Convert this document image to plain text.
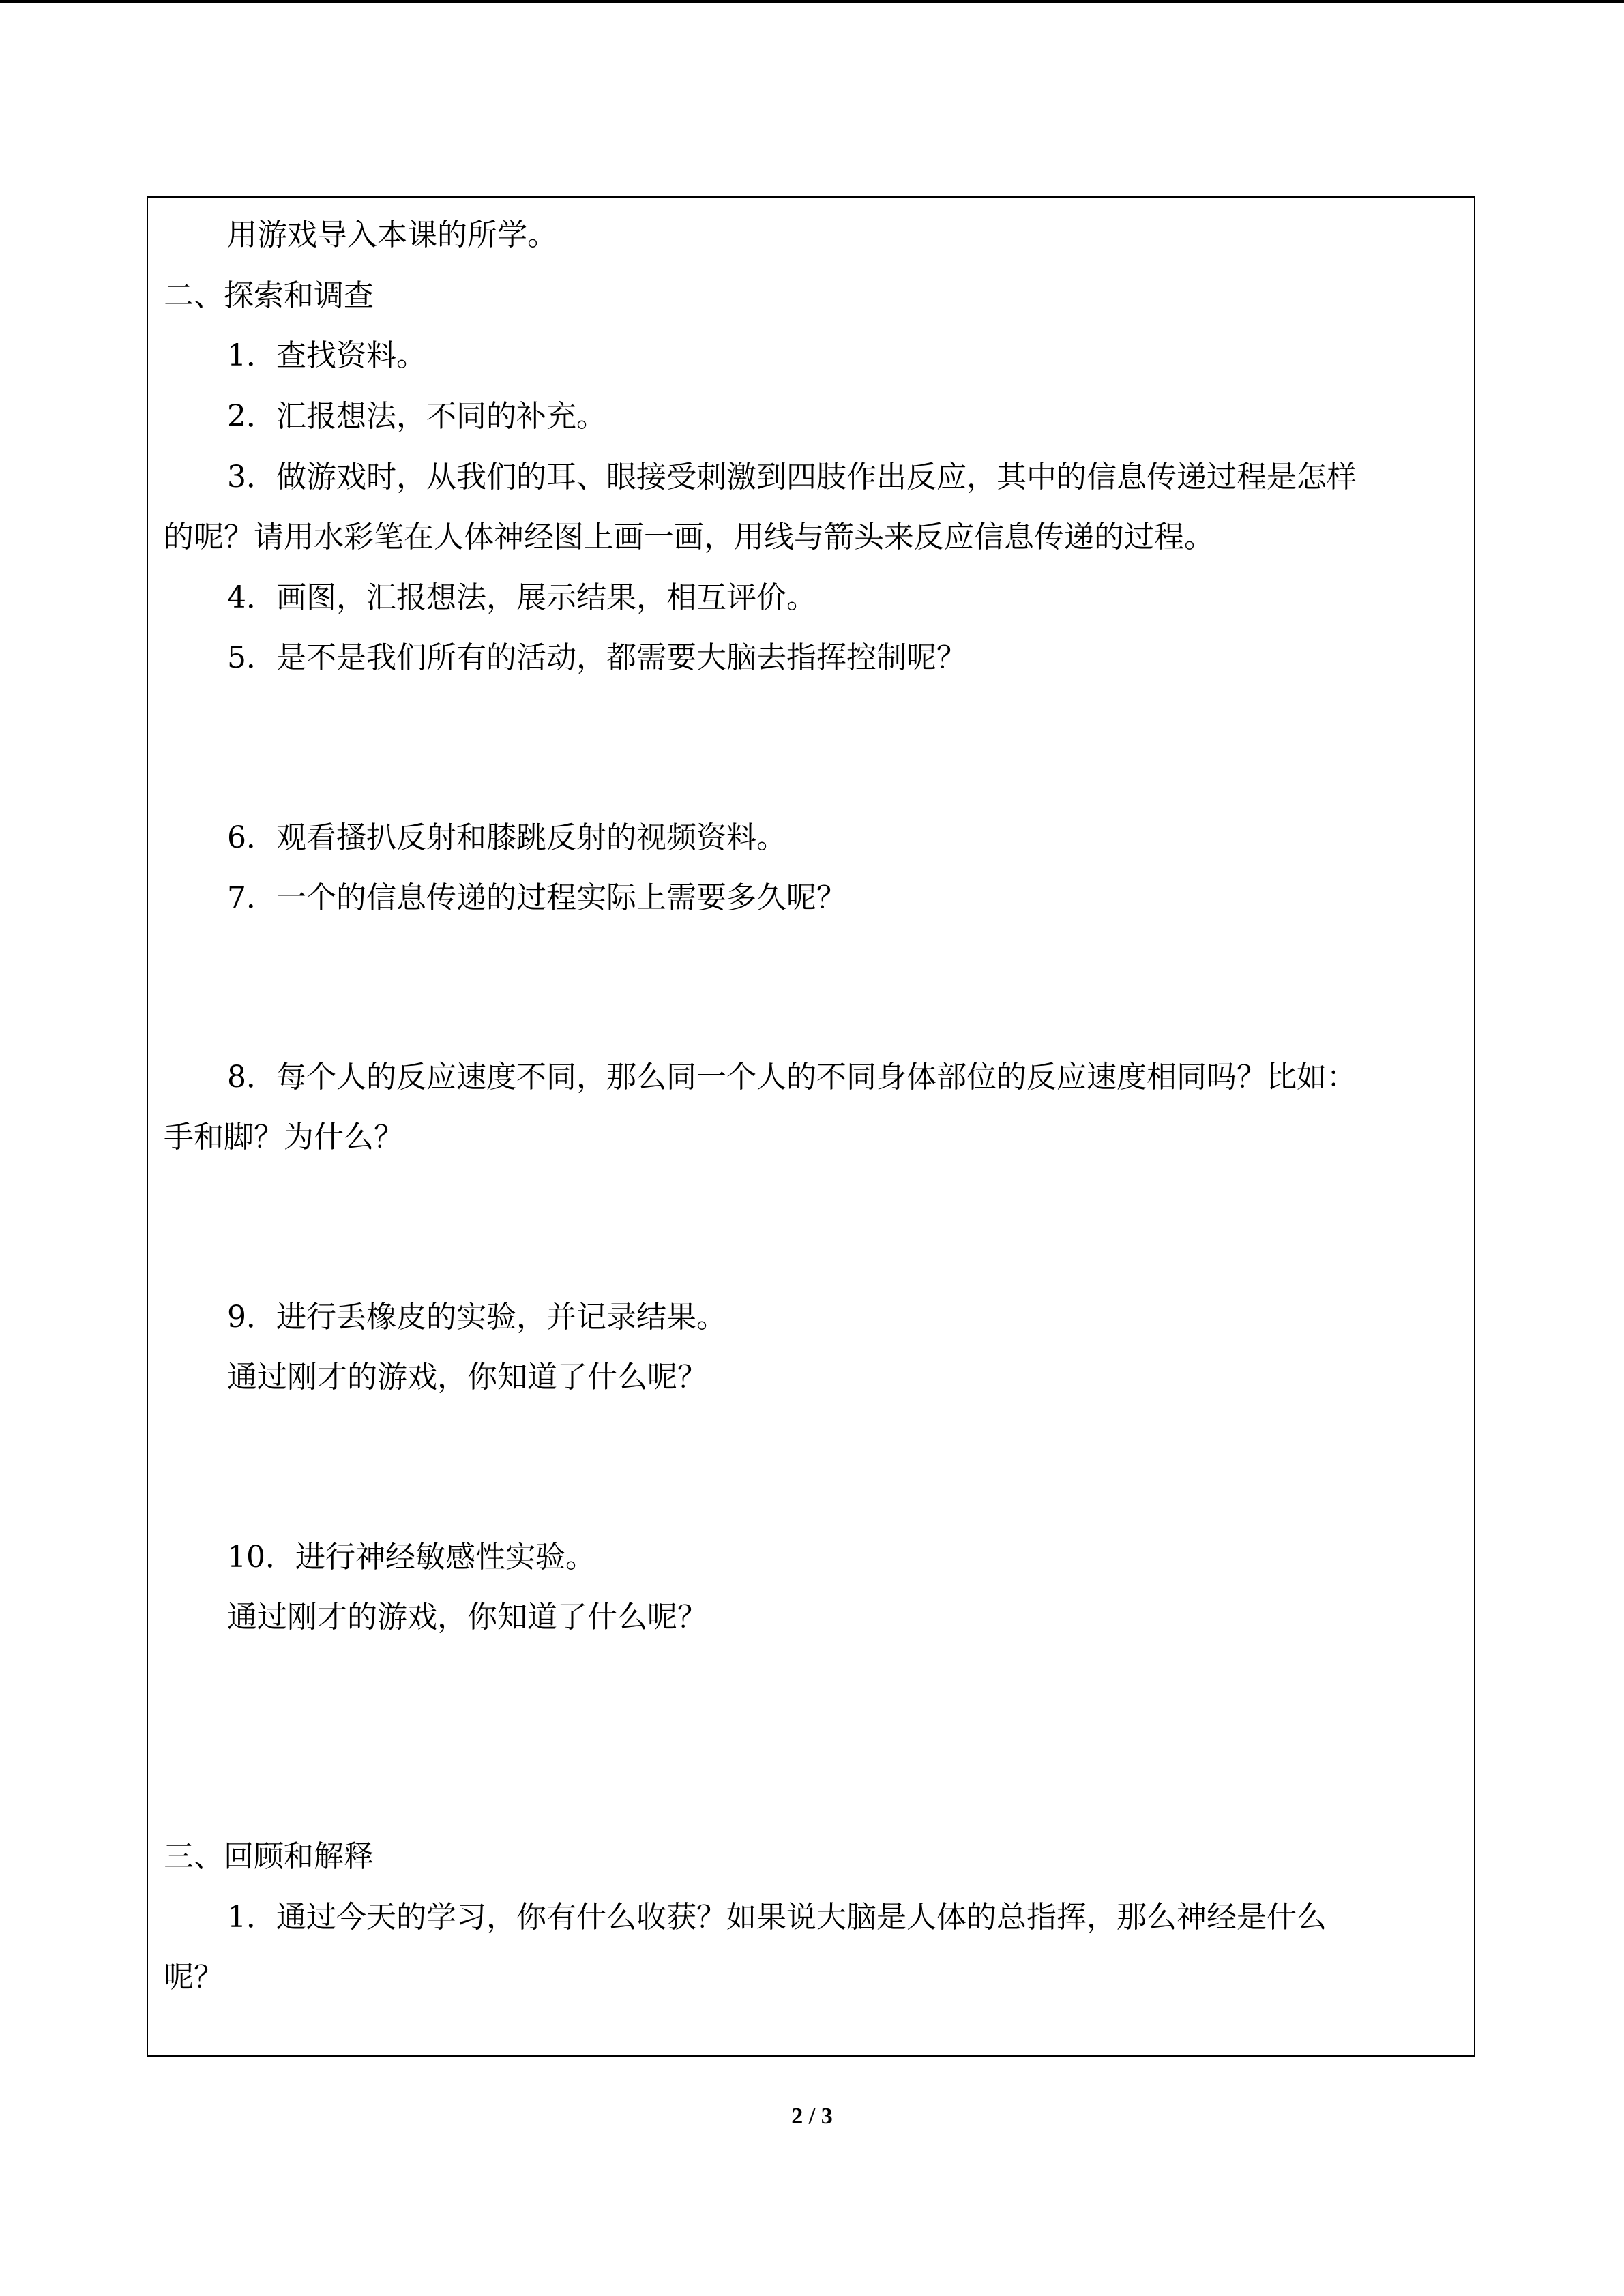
用游戏导入本课的所学。
二、探索和调查
1．查找资料。
2．汇报想法，不同的补充。
3．做游戏时，从我们的耳、眼接受刺激到四肢作出反应，其中的信息传递过程是怎样
的呢？请用水彩笔在人体神经图上画一画，用线与箭头来反应信息传递的过程。
4．画图，汇报想法，展示结果，相互评价。
5．是不是我们所有的活动，都需要大脑去指挥控制呢？
6．观看搔扒反射和膝跳反射的视频资料。
7．一个的信息传递的过程实际上需要多久呢？
8．每个人的反应速度不同，那么同一个人的不同身体部位的反应速度相同吗？比如：
手和脚？为什么？
9．进行丢橡皮的实验，并记录结果。
通过刚才的游戏，你知道了什么呢？
10．进行神经敏感性实验。
通过刚才的游戏，你知道了什么呢？
三、回顾和解释
1．通过今天的学习，你有什么收获？如果说大脑是人体的总指挥，那么神经是什么
呢？
2 / 3
